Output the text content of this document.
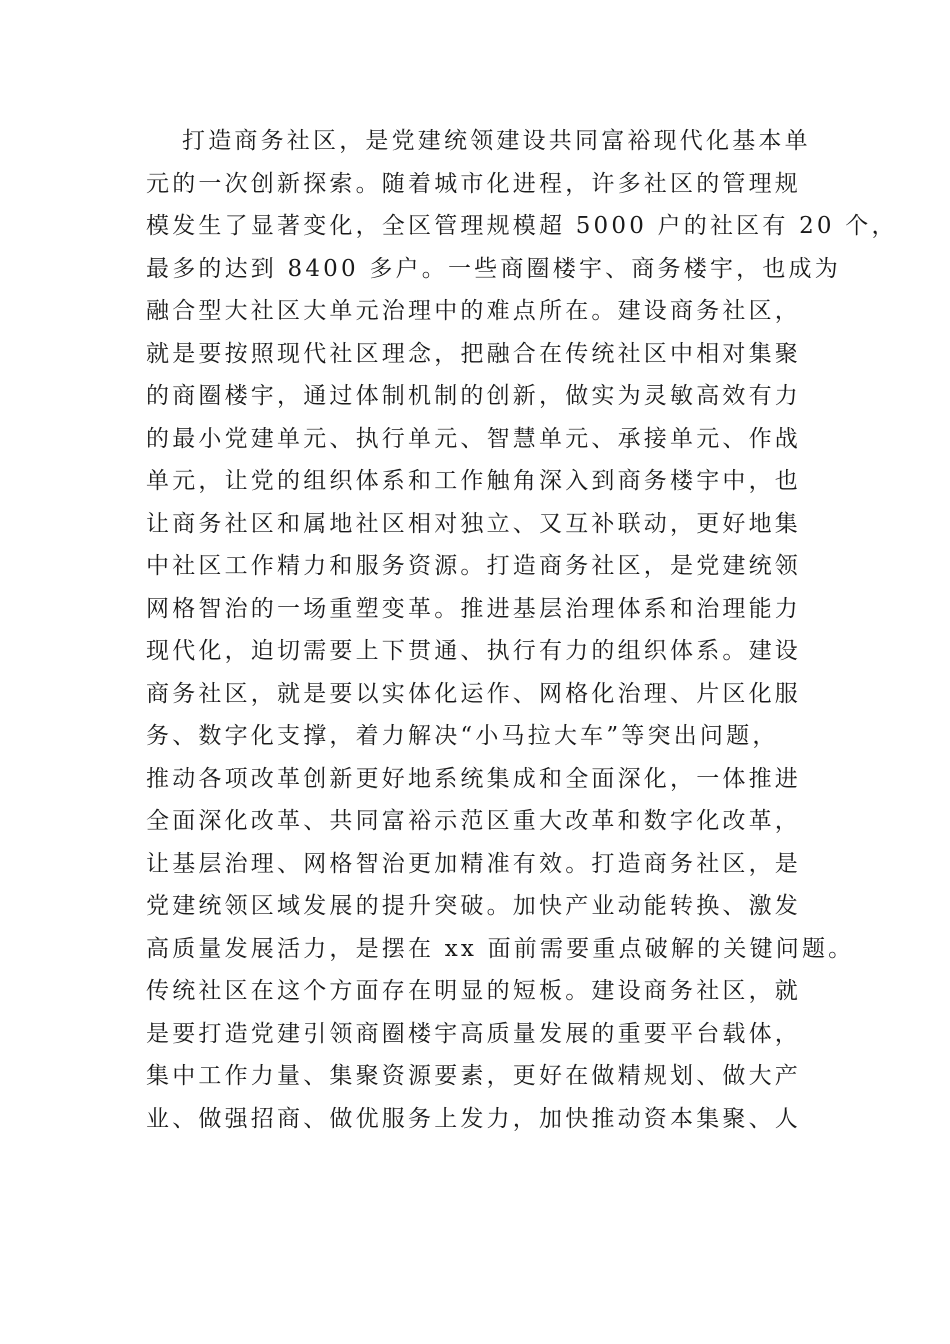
打造商务社区，是党建统领建设共同富裕现代化基本单
元的一次创新探索。随着城市化进程，许多社区的管理规
模发生了显著变化，全区管理规模超 5000 户的社区有 20 个，
最多的达到 8400 多户。一些商圈楼宇、商务楼宇，也成为
融合型大社区大单元治理中的难点所在。建设商务社区，
就是要按照现代社区理念，把融合在传统社区中相对集聚
的商圈楼宇，通过体制机制的创新，做实为灵敏高效有力
的最小党建单元、执行单元、智慧单元、承接单元、作战
单元，让党的组织体系和工作触角深入到商务楼宇中，也
让商务社区和属地社区相对独立、又互补联动，更好地集
中社区工作精力和服务资源。打造商务社区，是党建统领
网格智治的一场重塑变革。推进基层治理体系和治理能力
现代化，迫切需要上下贯通、执行有力的组织体系。建设
商务社区，就是要以实体化运作、网格化治理、片区化服
务、数字化支撑，着力解决“小马拉大车”等突出问题，
推动各项改革创新更好地系统集成和全面深化，一体推进
全面深化改革、共同富裕示范区重大改革和数字化改革，
让基层治理、网格智治更加精准有效。打造商务社区，是
党建统领区域发展的提升突破。加快产业动能转换、激发
高质量发展活力，是摆在 xx 面前需要重点破解的关键问题。
传统社区在这个方面存在明显的短板。建设商务社区，就
是要打造党建引领商圈楼宇高质量发展的重要平台载体，
集中工作力量、集聚资源要素，更好在做精规划、做大产
业、做强招商、做优服务上发力，加快推动资本集聚、人
